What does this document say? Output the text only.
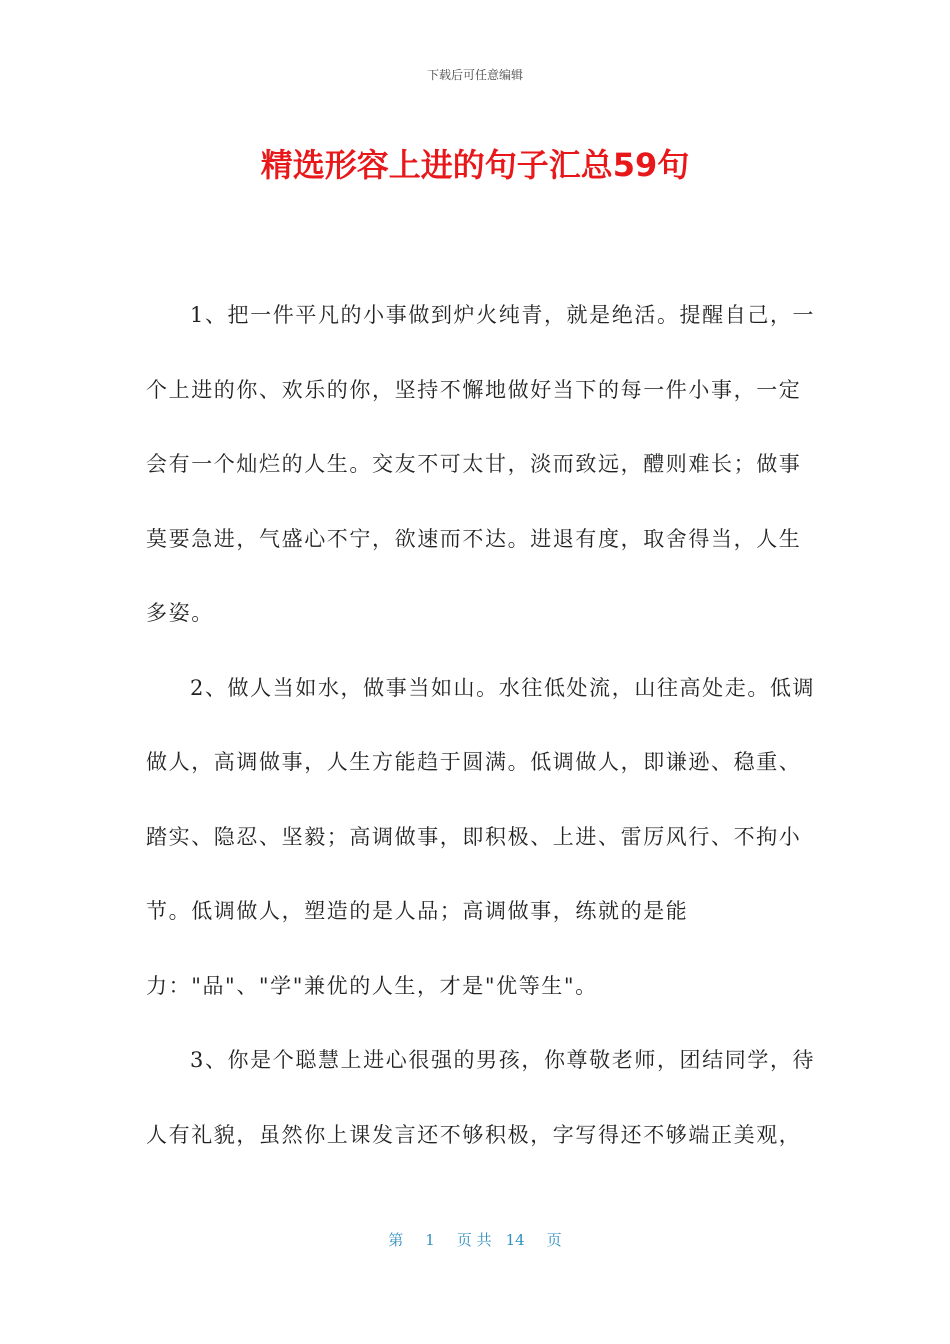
下载后可任意编辑
精选形容上进的句子汇总59句

1、把一件平凡的小事做到炉火纯青，就是绝活。提醒自己，一
个上进的你、欢乐的你，坚持不懈地做好当下的每一件小事，一定
会有一个灿烂的人生。交友不可太甘，淡而致远，醴则难长；做事
莫要急进，气盛心不宁，欲速而不达。进退有度，取舍得当，人生
多姿。

2、做人当如水，做事当如山。水往低处流，山往高处走。低调
做人，高调做事，人生方能趋于圆满。低调做人，即谦逊、稳重、
踏实、隐忍、坚毅；高调做事，即积极、上进、雷厉风行、不拘小
节。低调做人，塑造的是人品；高调做事，练就的是能
力："品"、"学"兼优的人生，才是"优等生"。

3、你是个聪慧上进心很强的男孩，你尊敬老师，团结同学，待
人有礼貌，虽然你上课发言还不够积极，字写得还不够端正美观，

第 1 页 共 14 页
